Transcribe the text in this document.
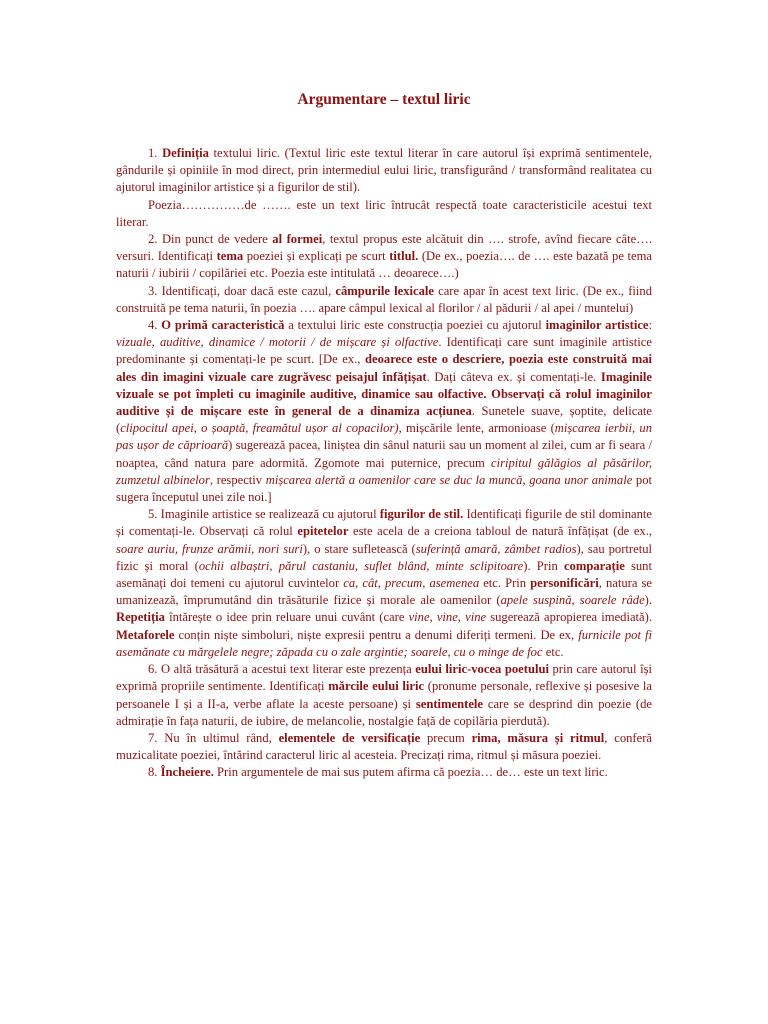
Argumentare – textul liric

1. Definiția textului liric. (Textul liric este textul literar în care autorul își exprimă sentimentele, gândurile și opiniile în mod direct, prin intermediul eului liric, transfigurând / transformând realitatea cu ajutorul imaginilor artistice și a figurilor de stil).

Poezia……………de ……. este un text liric întrucât respectă toate caracteristicile acestui text literar.

2. Din punct de vedere al formei, textul propus este alcătuit din …. strofe, avînd fiecare câte…. versuri. Identificați tema poeziei și explicați pe scurt titlul. (De ex., poezia…. de …. este bazată pe tema naturii / iubirii / copilăriei etc. Poezia este intitulată … deoarece….)

3. Identificați, doar dacă este cazul, câmpurile lexicale care apar în acest text liric. (De ex., fiind construită pe tema naturii, în poezia …. apare câmpul lexical al florilor / al pădurii / al apei / muntelui)

4. O primă caracteristică a textului liric este construcția poeziei cu ajutorul imaginilor artistice: vizuale, auditive, dinamice / motorii / de mișcare și olfactive. Identificați care sunt imaginile artistice predominante și comentați-le pe scurt. [De ex., deoarece este o descriere, poezia este construită mai ales din imagini vizuale care zugrăvesc peisajul înfățișat. Dați câteva ex. și comentați-le. Imaginile vizuale se pot împleti cu imaginile auditive, dinamice sau olfactive. Observați că rolul imaginilor auditive și de mișcare este în general de a dinamiza acțiunea. Sunetele suave, șoptite, delicate (clipocitul apei, o șoaptă, freamătul ușor al copacilor), mișcările lente, armonioase (mișcarea ierbii, un pas ușor de căprioară) sugerează pacea, liniștea din sânul naturii sau un moment al zilei, cum ar fi seara / noaptea, când natura pare adormită. Zgomote mai puternice, precum ciripitul gălăgios al păsărilor, zumzetul albinelor, respectiv mișcarea alertă a oamenilor care se duc la muncă, goana unor animale pot sugera începutul unei zile noi.]

5. Imaginile artistice se realizează cu ajutorul figurilor de stil. Identificați figurile de stil dominante și comentați-le. Observați că rolul epitetelor este acela de a creiona tabloul de natură înfățișat (de ex., soare auriu, frunze arămii, nori suri), o stare sufletească (suferință amară, zâmbet radios), sau portretul fizic și moral (ochii albaștri, părul castaniu, suflet blând, minte sclipitoare). Prin comparație sunt asemănați doi temeni cu ajutorul cuvintelor ca, cât, precum, asemenea etc. Prin personificări, natura se umanizează, împrumutând din trăsăturile fizice și morale ale oamenilor (apele suspină, soarele râde). Repetiția întărește o idee prin reluare unui cuvânt (care vine, vine, vine sugerează apropierea imediată). Metaforele conțin niște simboluri, niște expresii pentru a denumi diferiți termeni. De ex, furnicile pot fi asemănate cu mărgelele negre; zăpada cu o zale argintie; soarele, cu o minge de foc etc.

6. O altă trăsătură a acestui text literar este prezența eului liric-vocea poetului prin care autorul își exprimă propriile sentimente. Identificați mărcile eului liric (pronume personale, reflexive și posesive la persoanele I și a II-a, verbe aflate la aceste persoane) și sentimentele care se desprind din poezie (de admirație în fața naturii, de iubire, de melancolie, nostalgie față de copilăria pierdută).

7. Nu în ultimul rând, elementele de versificație precum rima, măsura și ritmul, conferă muzicalitate poeziei, întărind caracterul liric al acesteia. Precizați rima, ritmul și măsura poeziei.

8. Încheiere. Prin argumentele de mai sus putem afirma că poezia… de… este un text liric.
